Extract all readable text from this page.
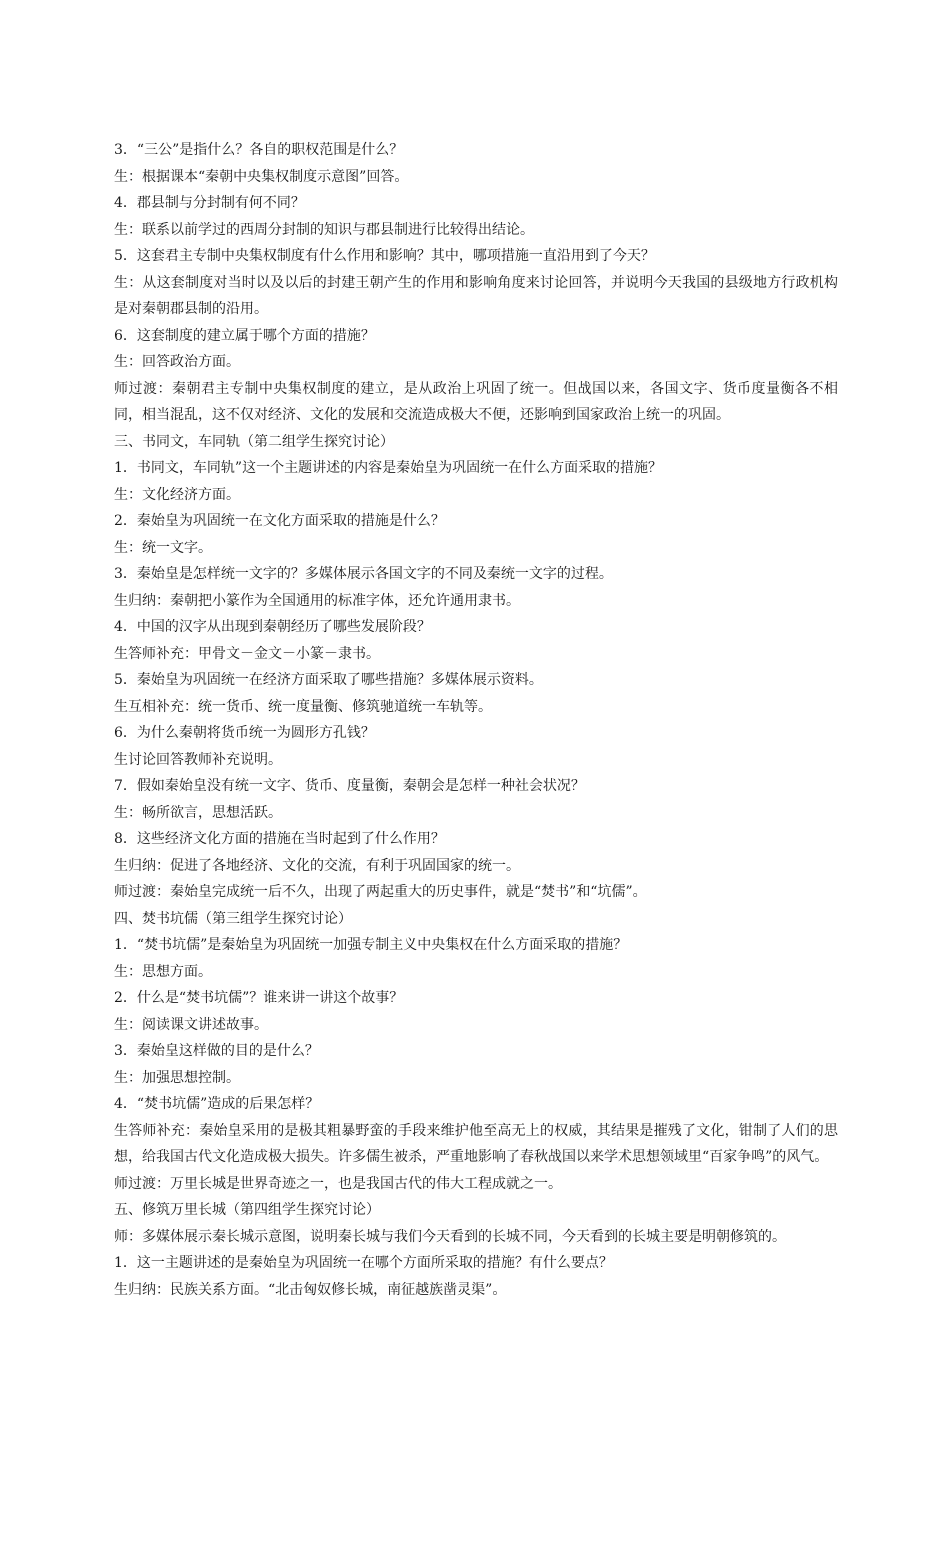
3．“三公”是指什么？各自的职权范围是什么？

生：根据课本“秦朝中央集权制度示意图”回答。

4．郡县制与分封制有何不同？

生：联系以前学过的西周分封制的知识与郡县制进行比较得出结论。

5．这套君主专制中央集权制度有什么作用和影响？其中，哪项措施一直沿用到了今天？

生：从这套制度对当时以及以后的封建王朝产生的作用和影响角度来讨论回答，并说明今天我国的县级地方行政机构是对秦朝郡县制的沿用。

6．这套制度的建立属于哪个方面的措施？

生：回答政治方面。

师过渡：秦朝君主专制中央集权制度的建立，是从政治上巩固了统一。但战国以来，各国文字、货币度量衡各不相同，相当混乱，这不仅对经济、文化的发展和交流造成极大不便，还影响到国家政治上统一的巩固。

三、书同文，车同轨（第二组学生探究讨论）

1．书同文，车同轨”这一个主题讲述的内容是秦始皇为巩固统一在什么方面采取的措施？

生：文化经济方面。

2．秦始皇为巩固统一在文化方面采取的措施是什么？

生：统一文字。

3．秦始皇是怎样统一文字的？多媒体展示各国文字的不同及秦统一文字的过程。

生归纳：秦朝把小篆作为全国通用的标准字体，还允许通用隶书。

4．中国的汉字从出现到秦朝经历了哪些发展阶段？

生答师补充：甲骨文－金文－小篆－隶书。

5．秦始皇为巩固统一在经济方面采取了哪些措施？多媒体展示资料。

生互相补充：统一货币、统一度量衡、修筑驰道统一车轨等。

6．为什么秦朝将货币统一为圆形方孔钱？

生讨论回答教师补充说明。

7．假如秦始皇没有统一文字、货币、度量衡，秦朝会是怎样一种社会状况？

生：畅所欲言，思想活跃。

8．这些经济文化方面的措施在当时起到了什么作用？

生归纳：促进了各地经济、文化的交流，有利于巩固国家的统一。

师过渡：秦始皇完成统一后不久，出现了两起重大的历史事件，就是“焚书”和“坑儒”。

四、焚书坑儒（第三组学生探究讨论）

1．“焚书坑儒”是秦始皇为巩固统一加强专制主义中央集权在什么方面采取的措施？

生：思想方面。

2．什么是“焚书坑儒”？谁来讲一讲这个故事？

生：阅读课文讲述故事。

3．秦始皇这样做的目的是什么？

生：加强思想控制。

4．“焚书坑儒”造成的后果怎样？

生答师补充：秦始皇采用的是极其粗暴野蛮的手段来维护他至高无上的权威，其结果是摧残了文化，钳制了人们的思想，给我国古代文化造成极大损失。许多儒生被杀，严重地影响了春秋战国以来学术思想领域里“百家争鸣”的风气。

师过渡：万里长城是世界奇迹之一，也是我国古代的伟大工程成就之一。

五、修筑万里长城（第四组学生探究讨论）

师：多媒体展示秦长城示意图，说明秦长城与我们今天看到的长城不同，今天看到的长城主要是明朝修筑的。

1．这一主题讲述的是秦始皇为巩固统一在哪个方面所采取的措施？有什么要点？

生归纳：民族关系方面。“北击匈奴修长城，南征越族凿灵渠”。
